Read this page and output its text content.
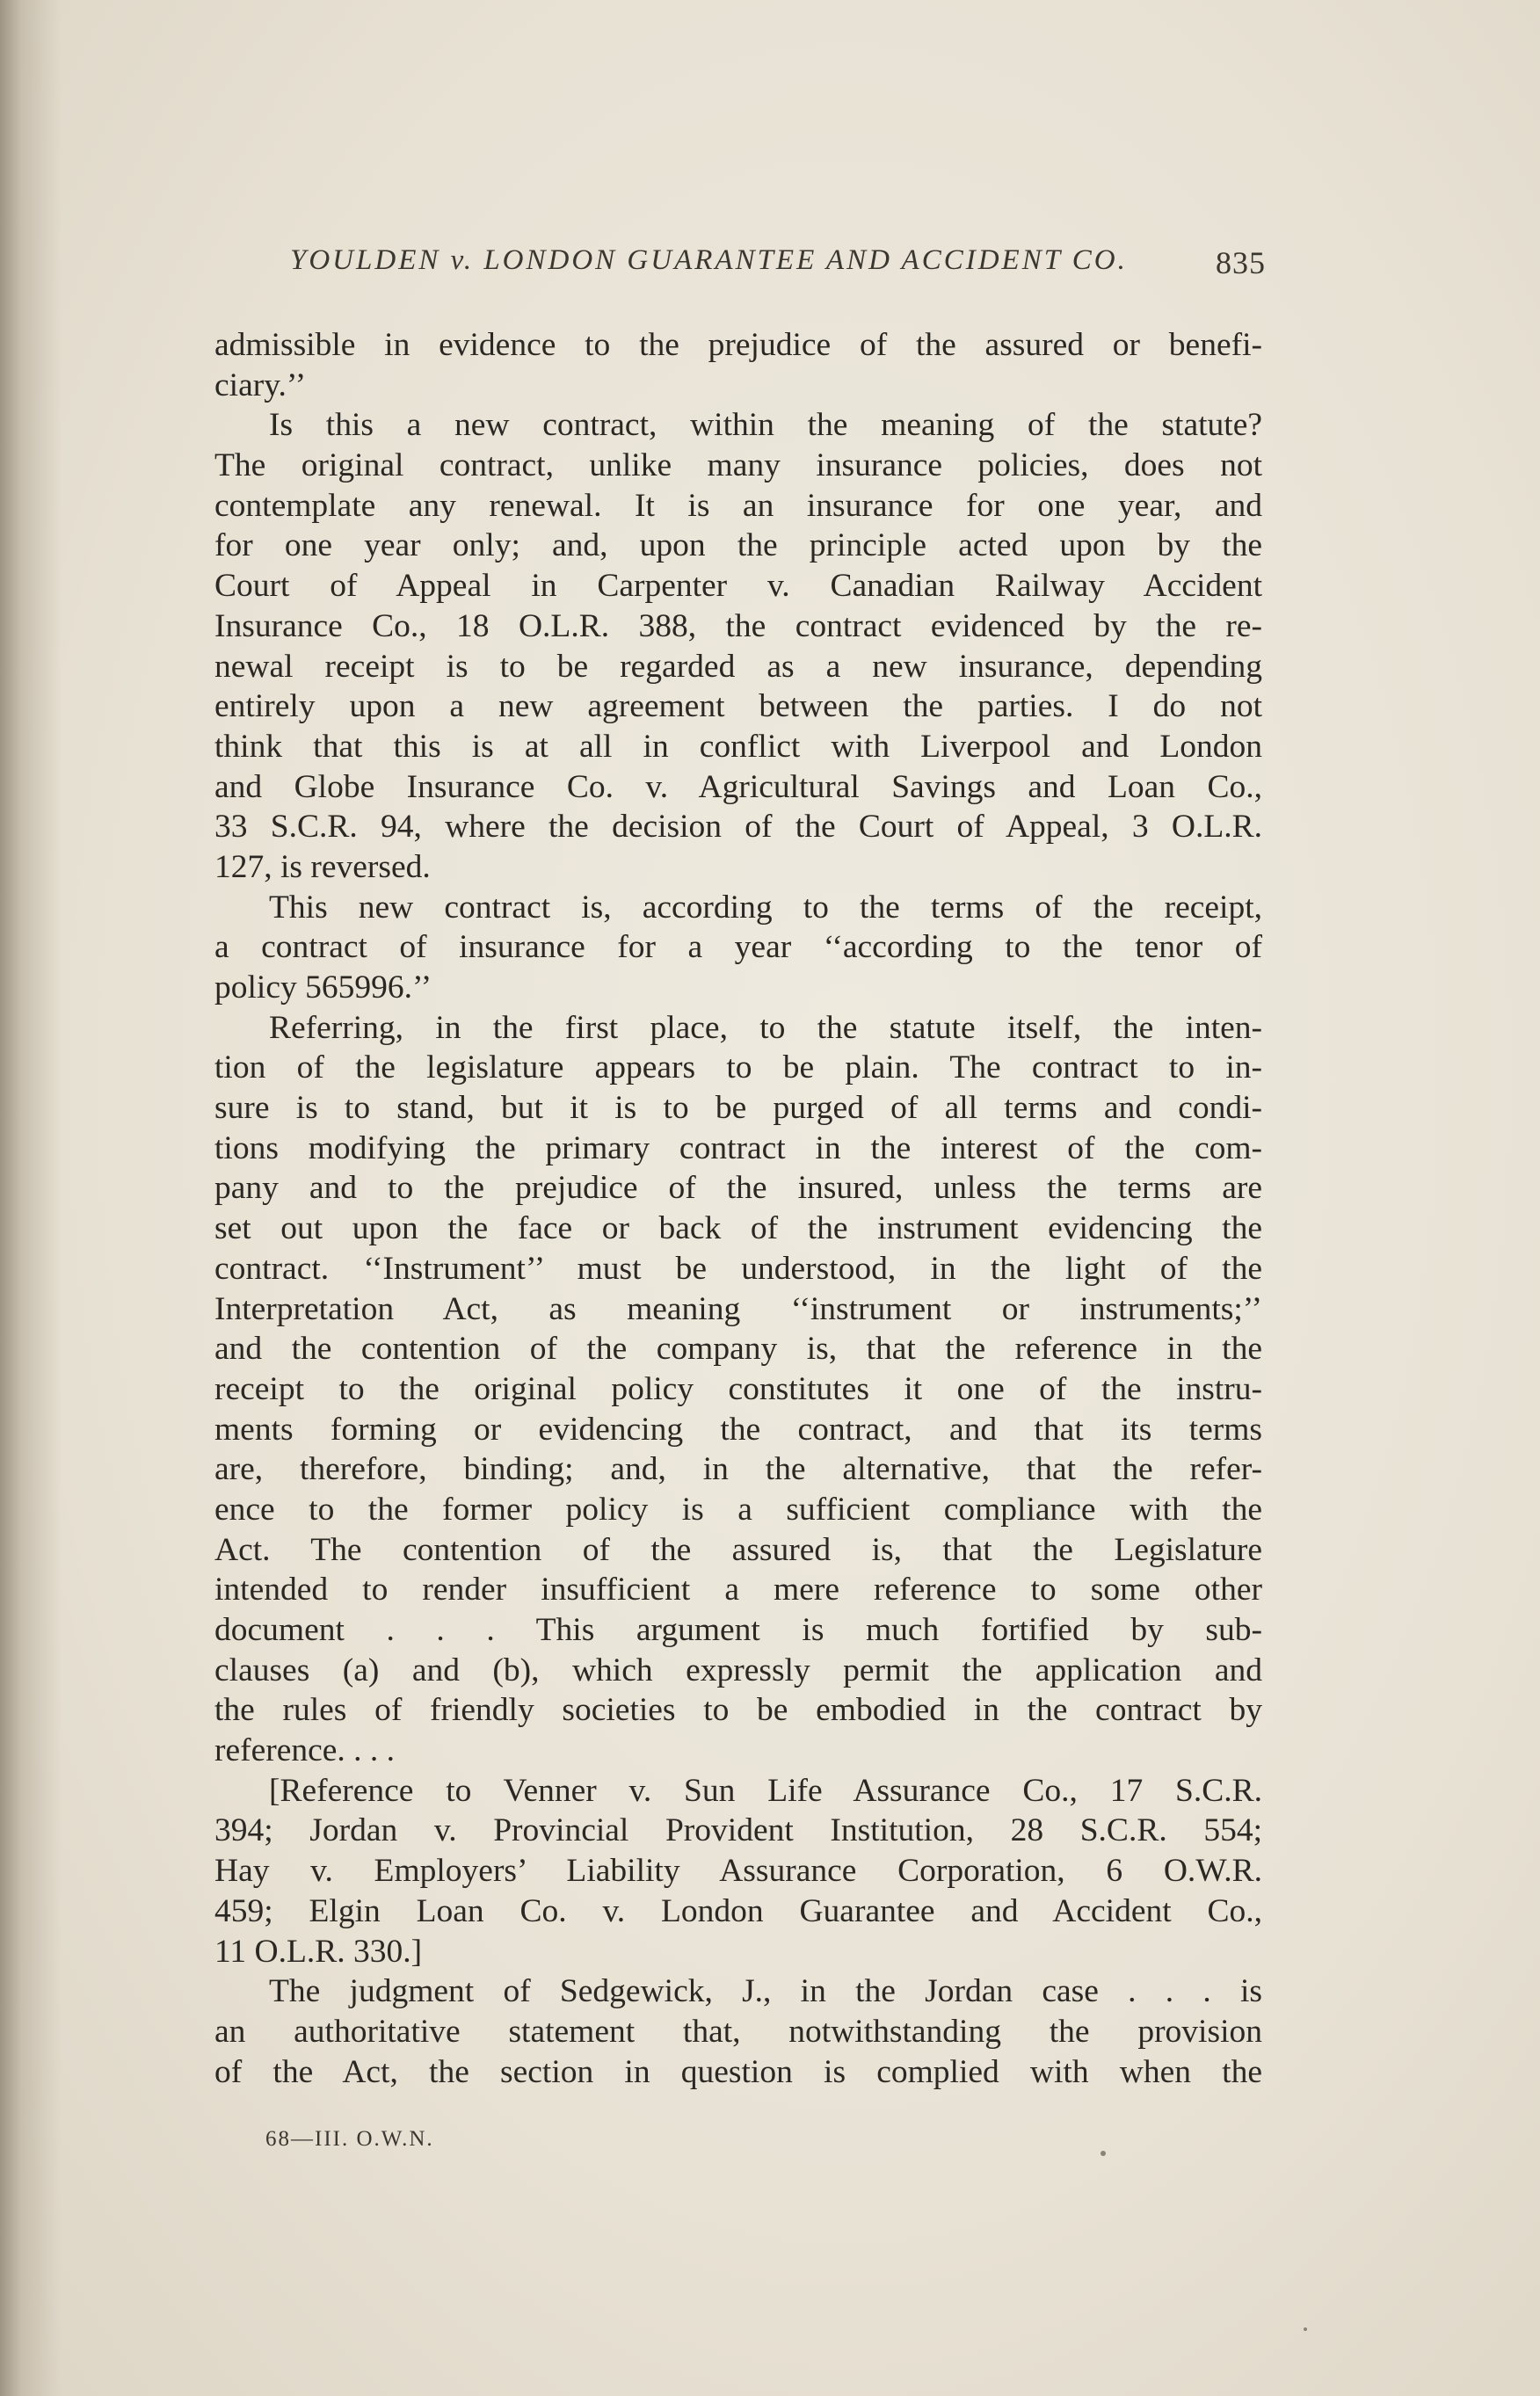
YOULDEN v. LONDON GUARANTEE AND ACCIDENT CO.	835
admissible in evidence to the prejudice of the assured or benefi-
ciary.’’
Is this a new contract, within the meaning of the statute?
The original contract, unlike many insurance policies, does not
contemplate any renewal. It is an insurance for one year, and
for one year only; and, upon the principle acted upon by the
Court of Appeal in Carpenter v. Canadian Railway Accident
Insurance Co., 18 O.L.R. 388, the contract evidenced by the re-
newal receipt is to be regarded as a new insurance, depending
entirely upon a new agreement between the parties. I do not
think that this is at all in conflict with Liverpool and London
and Globe Insurance Co. v. Agricultural Savings and Loan Co.,
33 S.C.R. 94, where the decision of the Court of Appeal, 3 O.L.R.
127, is reversed.
This new contract is, according to the terms of the receipt,
a contract of insurance for a year ‘‘according to the tenor of
policy 565996.’’
Referring, in the first place, to the statute itself, the inten-
tion of the legislature appears to be plain. The contract to in-
sure is to stand, but it is to be purged of all terms and condi-
tions modifying the primary contract in the interest of the com-
pany and to the prejudice of the insured, unless the terms are
set out upon the face or back of the instrument evidencing the
contract. ‘‘Instrument’’ must be understood, in the light of the
Interpretation Act, as meaning ‘‘instrument or instruments;’’
and the contention of the company is, that the reference in the
receipt to the original policy constitutes it one of the instru-
ments forming or evidencing the contract, and that its terms
are, therefore, binding; and, in the alternative, that the refer-
ence to the former policy is a sufficient compliance with the
Act. The contention of the assured is, that the Legislature
intended to render insufficient a mere reference to some other
document . . . This argument is much fortified by sub-
clauses (a) and (b), which expressly permit the application and
the rules of friendly societies to be embodied in the contract by
reference. . . .
[Reference to Venner v. Sun Life Assurance Co., 17 S.C.R.
394; Jordan v. Provincial Provident Institution, 28 S.C.R. 554;
Hay v. Employers’ Liability Assurance Corporation, 6 O.W.R.
459; Elgin Loan Co. v. London Guarantee and Accident Co.,
11 O.L.R. 330.]
The judgment of Sedgewick, J., in the Jordan case . . . is
an authoritative statement that, notwithstanding the provision
of the Act, the section in question is complied with when the
68—III. O.W.N.
